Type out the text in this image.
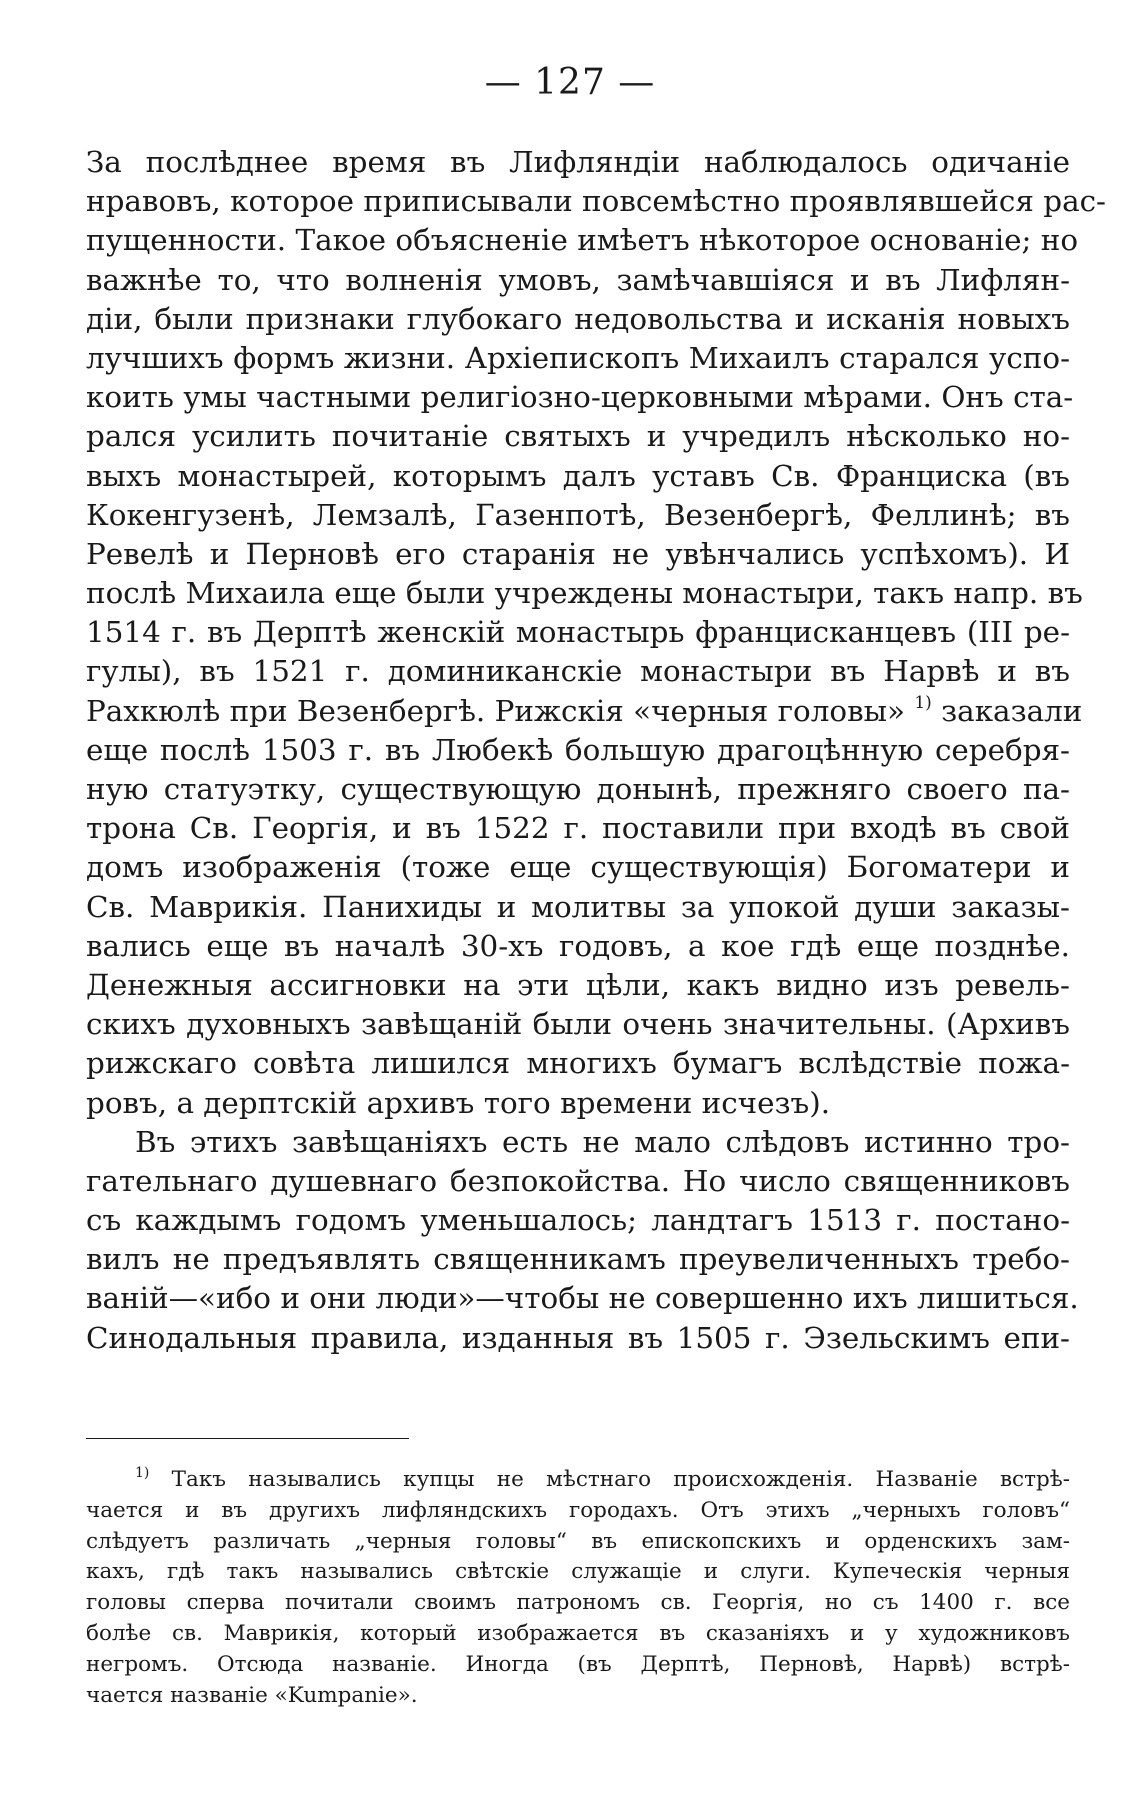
— 127 —
За послѣднее время въ Лифляндіи наблюдалось одичаніе
нравовъ, которое приписывали повсемѣстно проявлявшейся рас-
пущенности. Такое объясненіе имѣетъ нѣкоторое основаніе; но
важнѣе то, что волненія умовъ, замѣчавшіяся и въ Лифлян-
діи, были признаки глубокаго недовольства и исканія новыхъ
лучшихъ формъ жизни. Архіепископъ Михаилъ старался успо-
коить умы частными религіозно-церковными мѣрами. Онъ ста-
рался усилить почитаніе святыхъ и учредилъ нѣсколько но-
выхъ монастырей, которымъ далъ уставъ Св. Франциска (въ
Кокенгузенѣ, Лемзалѣ, Газенпотѣ, Везенбергѣ, Феллинѣ; въ
Ревелѣ и Перновѣ его старанія не увѣнчались успѣхомъ). И
послѣ Михаила еще были учреждены монастыри, такъ напр. въ
1514 г. въ Дерптѣ женскій монастырь францисканцевъ (III ре-
гулы), въ 1521 г. доминиканскіе монастыри въ Нарвѣ и въ
Рахкюлѣ при Везенбергѣ. Рижскія «черныя головы» $^{1)}$ заказали
еще послѣ 1503 г. въ Любекѣ большую драгоцѣнную серебря-
ную статуэтку, существующую донынѣ, прежняго своего па-
трона Св. Георгія, и въ 1522 г. поставили при входѣ въ свой
домъ изображенія (тоже еще существующія) Богоматери и
Св. Маврикія. Панихиды и молитвы за упокой души заказы-
вались еще въ началѣ 30-хъ годовъ, а кое гдѣ еще позднѣе.
Денежныя ассигновки на эти цѣли, какъ видно изъ ревель-
скихъ духовныхъ завѣщаній были очень значительны. (Архивъ
рижскаго совѣта лишился многихъ бумагъ вслѣдствіе пожа-
ровъ, а дерптскій архивъ того времени исчезъ).
Въ этихъ завѣщаніяхъ есть не мало слѣдовъ истинно тро-
гательнаго душевнаго безпокойства. Но число священниковъ
съ каждымъ годомъ уменьшалось; ландтагъ 1513 г. постано-
вилъ не предъявлять священникамъ преувеличенныхъ требо-
ваній—«ибо и они люди»—чтобы не совершенно ихъ лишиться.
Синодальныя правила, изданныя въ 1505 г. Эзельскимъ епи-
$^{1)}$ Такъ назывались купцы не мѣстнаго происхожденія. Названіе встрѣ-
чается и въ другихъ лифляндскихъ городахъ. Отъ этихъ „черныхъ головъ“
слѣдуетъ различать „черныя головы“ въ епископскихъ и орденскихъ зам-
кахъ, гдѣ такъ назывались свѣтскіе служащіе и слуги. Купеческія черныя
головы сперва почитали своимъ патрономъ св. Георгія, но съ 1400 г. все
болѣе св. Маврикія, который изображается въ сказаніяхъ и у художниковъ
негромъ. Отсюда названіе. Иногда (въ Дерптѣ, Перновѣ, Нарвѣ) встрѣ-
чается названіе «Kumpanie».
